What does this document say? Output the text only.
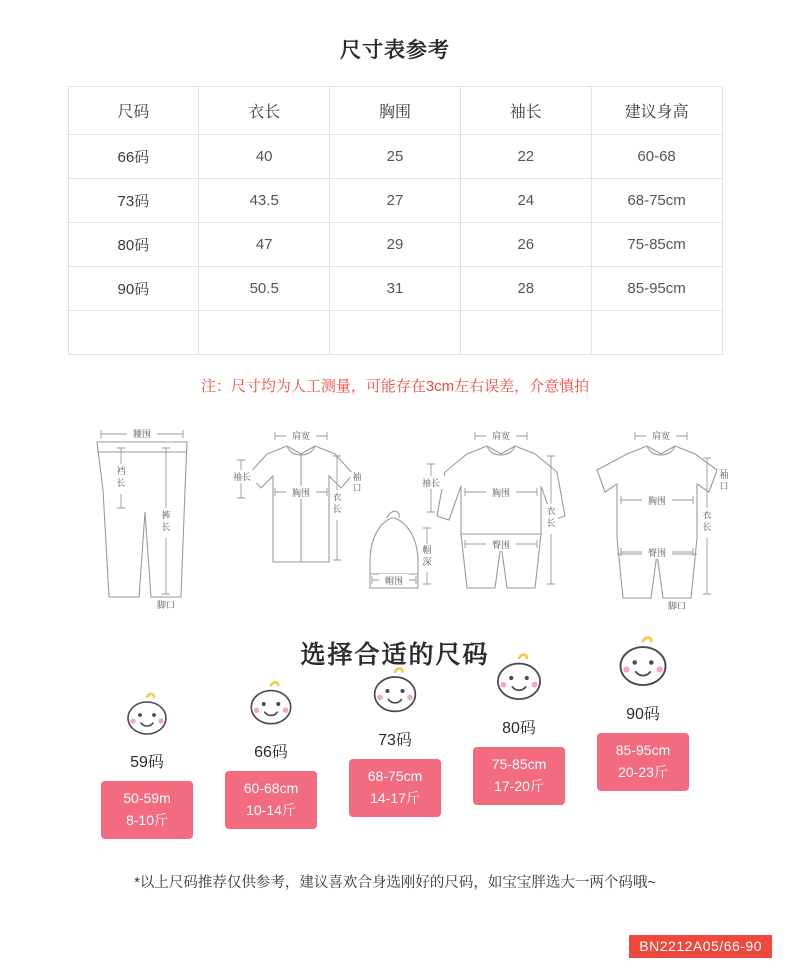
尺寸表参考
尺码	衣长	胸围	袖长	建议身高
66码	40	25	22	60-68
73码	43.5	27	24	68-75cm
80码	47	29	26	75-85cm
90码	50.5	31	28	85-95cm

注：尺寸均为人工测量，可能存在3cm左右误差，介意慎拍
腰围
裆
长
裤
长
脚口
肩宽
袖长
胸围 衣
长
袖
口
帽
深
帽围
肩宽
袖长
胸围
衣
长
臀围
肩宽
胸围
衣
长
臀围
袖
口
脚口
选择合适的尺码
59码
50-59m
8-10斤
66码
60-68cm
10-14斤
73码
68-75cm
14-17斤
80码
75-85cm
17-20斤
90码
85-95cm
20-23斤
*以上尺码推荐仅供参考，建议喜欢合身选刚好的尺码，如宝宝胖选大一两个码哦~
BN2212A05/66-90
